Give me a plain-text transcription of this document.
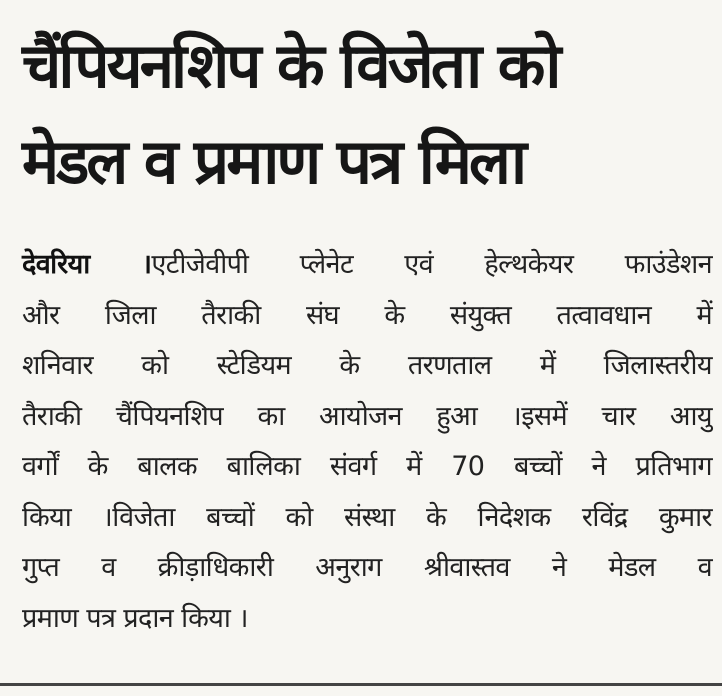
चैंपियनशिप के विजेता को
मेडल व प्रमाण पत्र मिला
देवरिया ।एटीजेवीपी प्लेनेट एवं हेल्थकेयर फाउंडेशन
और जिला तैराकी संघ के संयुक्त तत्वावधान में
शनिवार को स्टेडियम के तरणताल में जिलास्तरीय
तैराकी चैंपियनशिप का आयोजन हुआ ।इसमें चार आयु
वर्गों के बालक बालिका संवर्ग में 70 बच्चों ने प्रतिभाग
किया ।विजेता बच्चों को संस्था के निदेशक रविंद्र कुमार
गुप्त व क्रीड़ाधिकारी अनुराग श्रीवास्तव ने मेडल व
प्रमाण पत्र प्रदान किया ।
